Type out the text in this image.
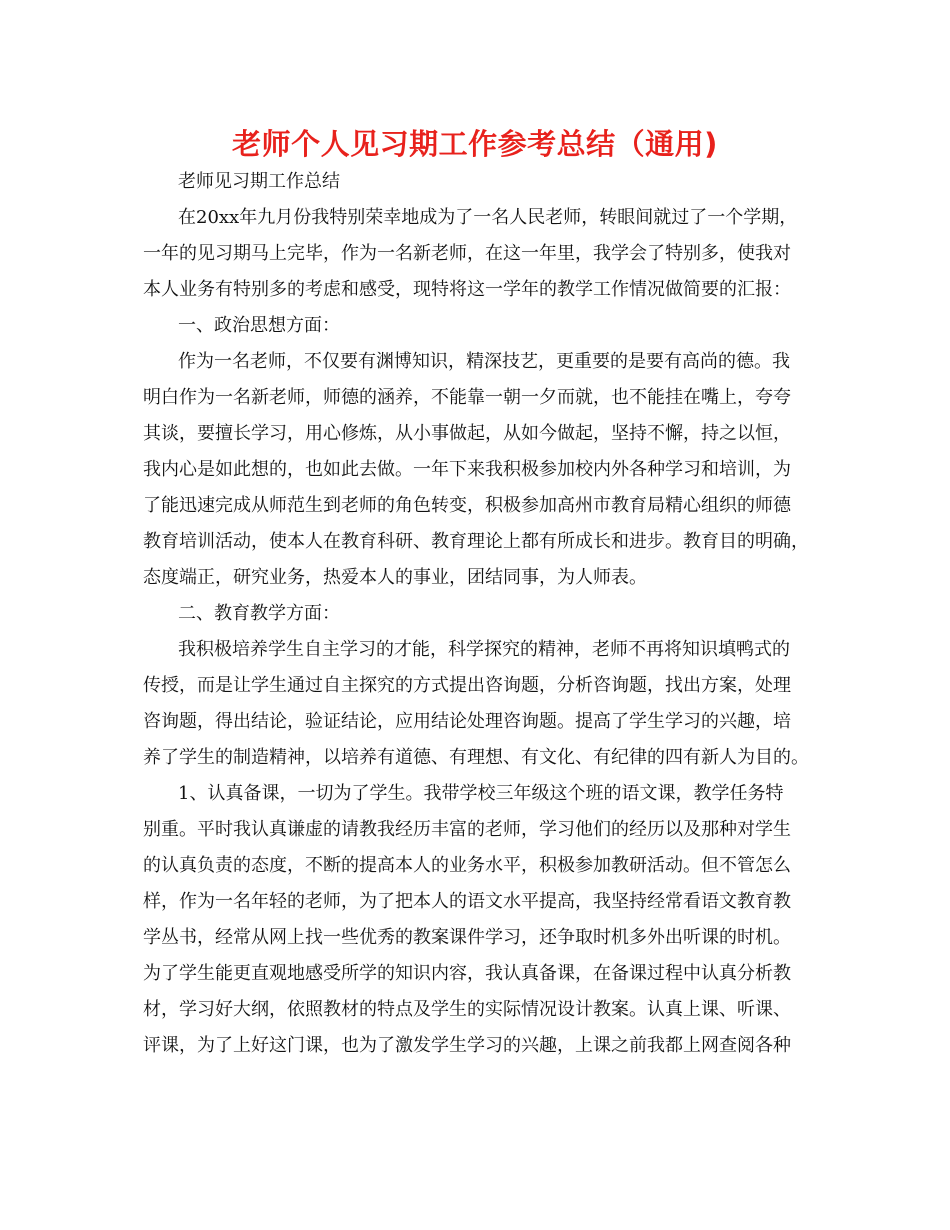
老师个人见习期工作参考总结（通用)
老师见习期工作总结
在20xx年九月份我特别荣幸地成为了一名人民老师，转眼间就过了一个学期，
一年的见习期马上完毕，作为一名新老师，在这一年里，我学会了特别多，使我对
本人业务有特别多的考虑和感受，现特将这一学年的教学工作情况做简要的汇报：
一、政治思想方面：
作为一名老师，不仅要有渊博知识，精深技艺，更重要的是要有高尚的德。我
明白作为一名新老师，师德的涵养，不能靠一朝一夕而就，也不能挂在嘴上，夸夸
其谈，要擅长学习，用心修炼，从小事做起，从如今做起，坚持不懈，持之以恒，
我内心是如此想的，也如此去做。一年下来我积极参加校内外各种学习和培训，为
了能迅速完成从师范生到老师的角色转变，积极参加高州市教育局精心组织的师德
教育培训活动，使本人在教育科研、教育理论上都有所成长和进步。教育目的明确，
态度端正，研究业务，热爱本人的事业，团结同事，为人师表。
二、教育教学方面：
我积极培养学生自主学习的才能，科学探究的精神，老师不再将知识填鸭式的
传授，而是让学生通过自主探究的方式提出咨询题，分析咨询题，找出方案，处理
咨询题，得出结论，验证结论，应用结论处理咨询题。提高了学生学习的兴趣，培
养了学生的制造精神，以培养有道德、有理想、有文化、有纪律的四有新人为目的。
1、认真备课，一切为了学生。我带学校三年级这个班的语文课，教学任务特
别重。平时我认真谦虚的请教我经历丰富的老师，学习他们的经历以及那种对学生
的认真负责的态度，不断的提高本人的业务水平，积极参加教研活动。但不管怎么
样，作为一名年轻的老师，为了把本人的语文水平提高，我坚持经常看语文教育教
学丛书，经常从网上找一些优秀的教案课件学习，还争取时机多外出听课的时机。
为了学生能更直观地感受所学的知识内容，我认真备课，在备课过程中认真分析教
材，学习好大纲，依照教材的特点及学生的实际情况设计教案。认真上课、听课、
评课，为了上好这门课，也为了激发学生学习的兴趣，上课之前我都上网查阅各种
